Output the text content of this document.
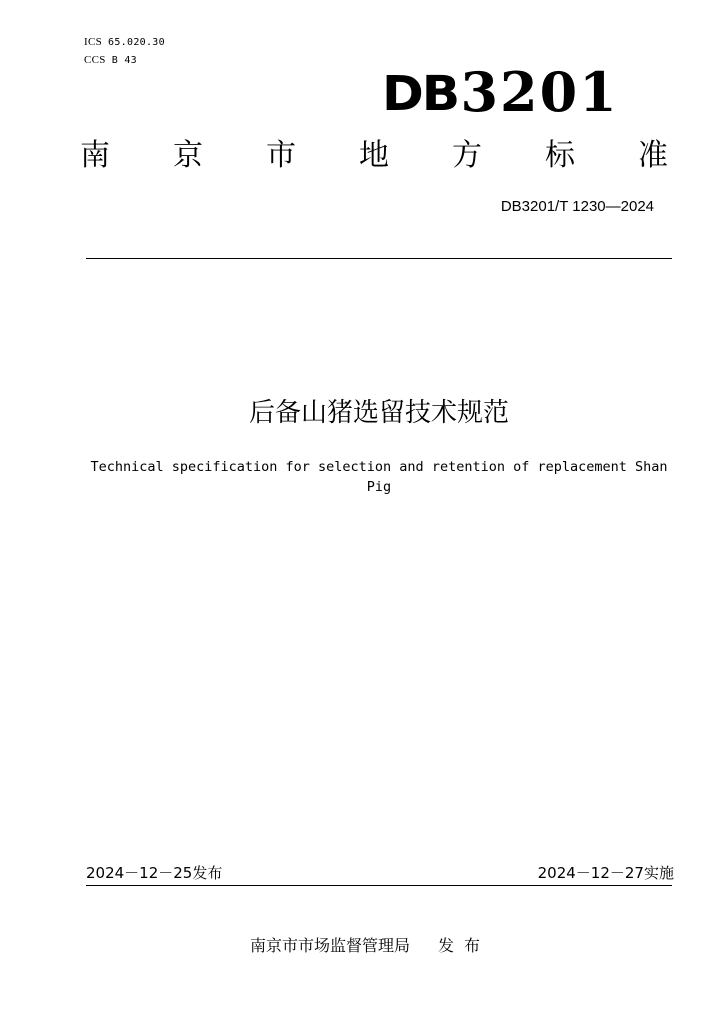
ICS 65.020.30
CCS B 43
DB 3201
南 京 市 地 方 标 准
DB3201/T 1230—2024
后备山猪选留技术规范
Technical specification for selection and retention of replacement Shan
Pig
2024－12－25发布	2024－12－27实施
南京市市场监督管理局 发布
